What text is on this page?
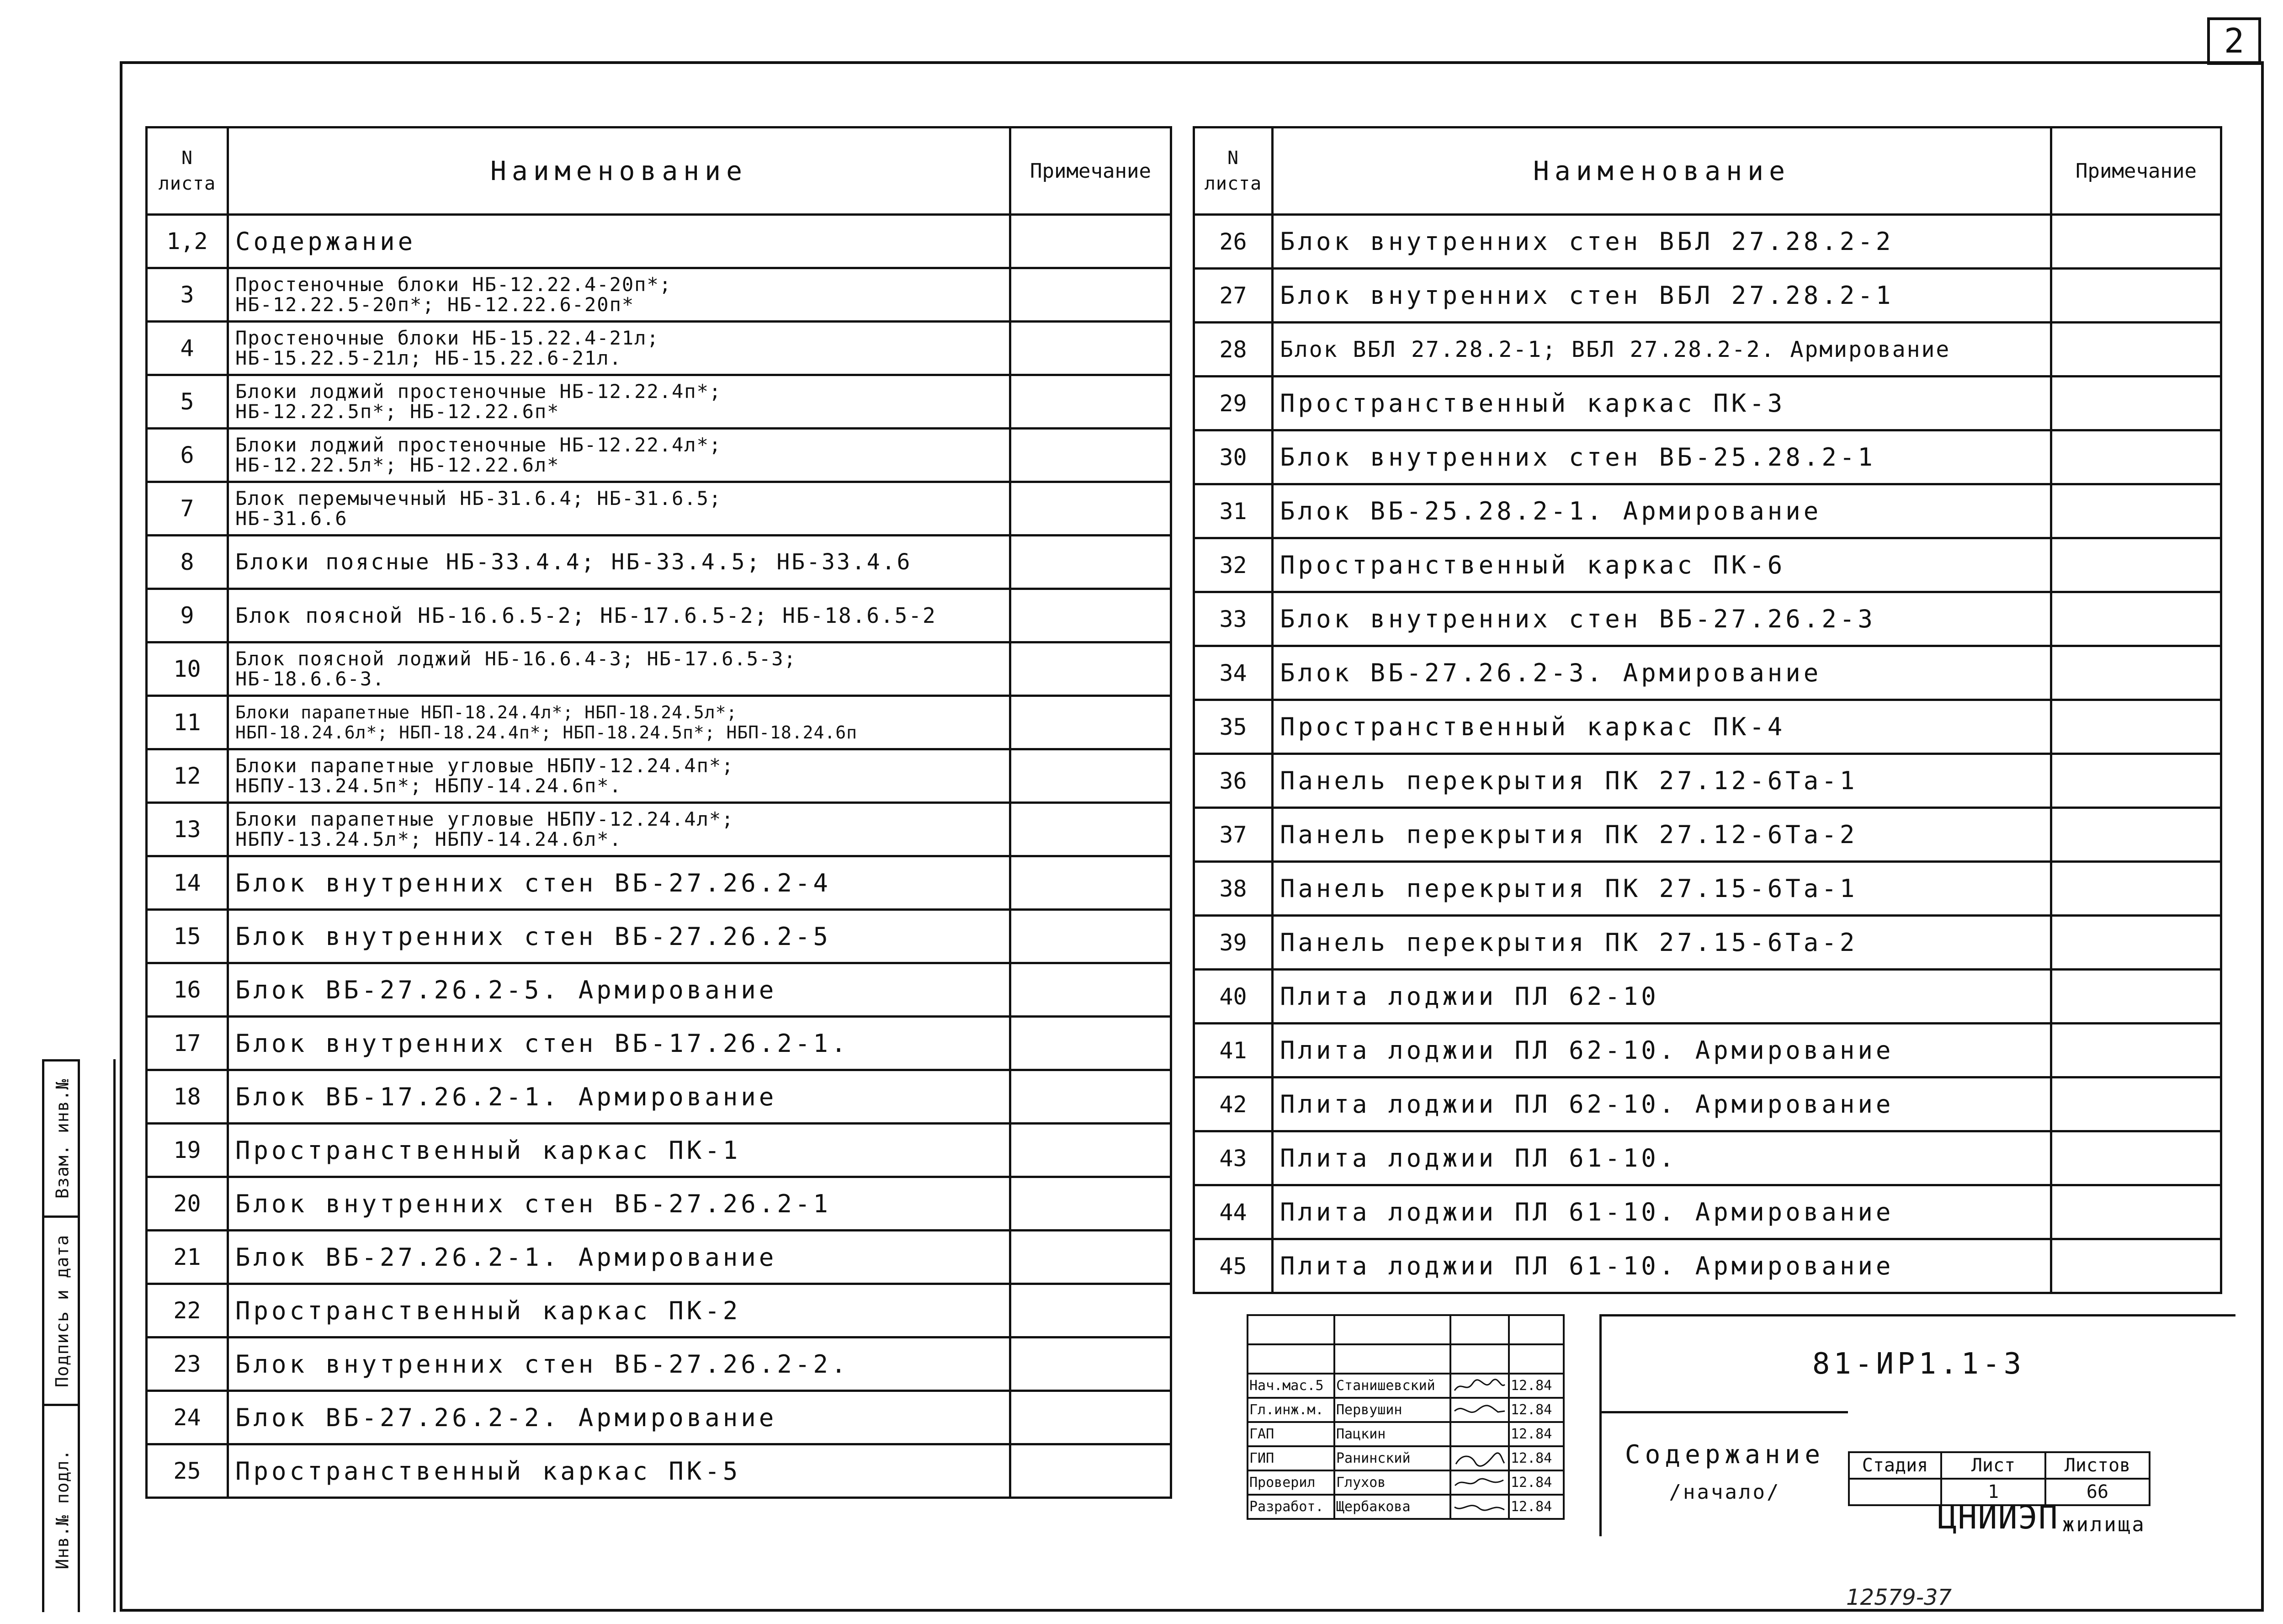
2
N
листа	Наименование	Примечание
1,2	Содержание	
3	Простеночные блоки НБ-12.22.4-20п*;
НБ-12.22.5-20п*; НБ-12.22.6-20п*	

4	Простеночные блоки НБ-15.22.4-21л;
НБ-15.22.5-21л; НБ-15.22.6-21л.	

5	Блоки лоджий простеночные НБ-12.22.4п*;
НБ-12.22.5п*; НБ-12.22.6п*	

6	Блоки лоджий простеночные НБ-12.22.4л*;
НБ-12.22.5л*; НБ-12.22.6л*	

7	Блок перемычечный НБ-31.6.4; НБ-31.6.5;
НБ-31.6.6	

8	Блоки поясные НБ-33.4.4; НБ-33.4.5; НБ-33.4.6	
9	Блок поясной НБ-16.6.5-2; НБ-17.6.5-2; НБ-18.6.5-2	
10	Блок поясной лоджий НБ-16.6.4-3; НБ-17.6.5-3;
НБ-18.6.6-3.	

11	Блоки парапетные НБП-18.24.4л*; НБП-18.24.5л*;
НБП-18.24.6л*; НБП-18.24.4п*; НБП-18.24.5п*; НБП-18.24.6п	

12	Блоки парапетные угловые НБПУ-12.24.4п*;
НБПУ-13.24.5п*; НБПУ-14.24.6п*.	

13	Блоки парапетные угловые НБПУ-12.24.4л*;
НБПУ-13.24.5л*; НБПУ-14.24.6л*.	

14	Блок внутренних стен ВБ-27.26.2-4	
15	Блок внутренних стен ВБ-27.26.2-5	
16	Блок ВБ-27.26.2-5. Армирование	
17	Блок внутренних стен ВБ-17.26.2-1.	
18	Блок ВБ-17.26.2-1. Армирование	
19	Пространственный каркас ПК-1	
20	Блок внутренних стен ВБ-27.26.2-1	
21	Блок ВБ-27.26.2-1. Армирование	
22	Пространственный каркас ПК-2	
23	Блок внутренних стен ВБ-27.26.2-2.	
24	Блок ВБ-27.26.2-2. Армирование	
25	Пространственный каркас ПК-5	
N
листа	Наименование	Примечание
26	Блок внутренних стен ВБЛ 27.28.2-2	
27	Блок внутренних стен ВБЛ 27.28.2-1	
28	Блок ВБЛ 27.28.2-1; ВБЛ 27.28.2-2. Армирование	
29	Пространственный каркас ПК-3	
30	Блок внутренних стен ВБ-25.28.2-1	
31	Блок ВБ-25.28.2-1. Армирование	
32	Пространственный каркас ПК-6	
33	Блок внутренних стен ВБ-27.26.2-3	
34	Блок ВБ-27.26.2-3. Армирование	
35	Пространственный каркас ПК-4	
36	Панель перекрытия ПК 27.12-6Та-1	
37	Панель перекрытия ПК 27.12-6Та-2	
38	Панель перекрытия ПК 27.15-6Та-1	
39	Панель перекрытия ПК 27.15-6Та-2	
40	Плита лоджии ПЛ 62-10	
41	Плита лоджии ПЛ 62-10. Армирование	
42	Плита лоджии ПЛ 62-10. Армирование	
43	Плита лоджии ПЛ 61-10.	
44	Плита лоджии ПЛ 61-10. Армирование	
45	Плита лоджии ПЛ 61-10. Армирование	

Нач.мас.5	Станишевский		12.84
Гл.инж.м.	Первушин		12.84
ГАП	Пацкин		12.84
ГИП	Ранинский		12.84
Проверил	Глухов		12.84
Разработ.	Щербакова		12.84
81-ИР1.1-3
Содержание
/начало/
Стадия	Лист	Листов
	1	66
ЦНИИЭП жилища
Взам. инв.№
Подпись и дата
Инв.№ подл.
12579-37
